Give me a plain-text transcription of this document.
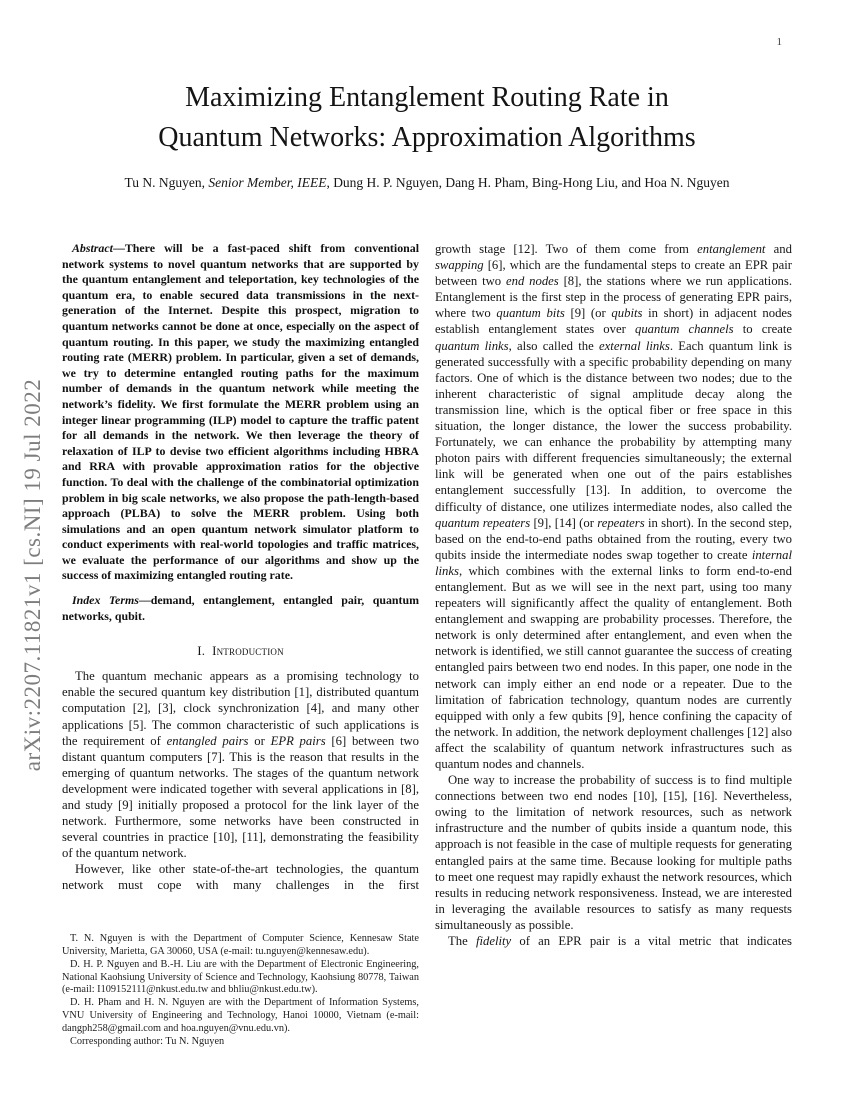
1
arXiv:2207.11821v1 [cs.NI] 19 Jul 2022
Maximizing Entanglement Routing Rate in
Quantum Networks: Approximation Algorithms
Tu N. Nguyen, Senior Member, IEEE, Dung H. P. Nguyen, Dang H. Pham, Bing-Hong Liu, and Hoa N. Nguyen

Abstract—There will be a fast-paced shift from conventional network systems to novel quantum networks that are supported by the quantum entanglement and teleportation, key technologies of the quantum era, to enable secured data transmissions in the next-generation of the Internet. Despite this prospect, migration to quantum networks cannot be done at once, especially on the aspect of quantum routing. In this paper, we study the maximizing entangled routing rate (MERR) problem. In particular, given a set of demands, we try to determine entangled routing paths for the maximum number of demands in the quantum network while meeting the network’s fidelity. We first formulate the MERR problem using an integer linear programming (ILP) model to capture the traffic patent for all demands in the network. We then leverage the theory of relaxation of ILP to devise two efficient algorithms including HBRA and RRA with provable approximation ratios for the objective function. To deal with the challenge of the combinatorial optimization problem in big scale networks, we also propose the path-length-based approach (PLBA) to solve the MERR problem. Using both simulations and an open quantum network simulator platform to conduct experiments with real-world topologies and traffic matrices, we evaluate the performance of our algorithms and show up the success of maximizing entangled routing rate.

Index Terms—demand, entanglement, entangled pair, quantum networks, qubit.

I. Introduction

The quantum mechanic appears as a promising technology to enable the secured quantum key distribution [1], distributed quantum computation [2], [3], clock synchronization [4], and many other applications [5]. The common characteristic of such applications is the requirement of entangled pairs or EPR pairs [6] between two distant quantum computers [7]. This is the reason that results in the emerging of quantum networks. The stages of the quantum network development were indicated together with several applications in [8], and study [9] initially proposed a protocol for the link layer of the network. Furthermore, some networks have been constructed in several countries in practice [10], [11], demonstrating the feasibility of the quantum network.

However, like other state-of-the-art technologies, the quantum network must cope with many challenges in the first

T. N. Nguyen is with the Department of Computer Science, Kennesaw State University, Marietta, GA 30060, USA (e-mail: tu.nguyen@kennesaw.edu).

D. H. P. Nguyen and B.-H. Liu are with the Department of Electronic Engineering, National Kaohsiung University of Science and Technology, Kaohsiung 80778, Taiwan (e-mail: I109152111@nkust.edu.tw and bhliu@nkust.edu.tw).

D. H. Pham and H. N. Nguyen are with the Department of Information Systems, VNU University of Engineering and Technology, Hanoi 10000, Vietnam (e-mail: dangph258@gmail.com and hoa.nguyen@vnu.edu.vn).

Corresponding author: Tu N. Nguyen

growth stage [12]. Two of them come from entanglement and swapping [6], which are the fundamental steps to create an EPR pair between two end nodes [8], the stations where we run applications. Entanglement is the first step in the process of generating EPR pairs, where two quantum bits [9] (or qubits in short) in adjacent nodes establish entanglement states over quantum channels to create quantum links, also called the external links. Each quantum link is generated successfully with a specific probability depending on many factors. One of which is the distance between two nodes; due to the inherent characteristic of signal amplitude decay along the transmission line, which is the optical fiber or free space in this situation, the longer distance, the lower the success probability. Fortunately, we can enhance the probability by attempting many photon pairs with different frequencies simultaneously; the external link will be generated when one out of the pairs establishes entanglement successfully [13]. In addition, to overcome the difficulty of distance, one utilizes intermediate nodes, also called the quantum repeaters [9], [14] (or repeaters in short). In the second step, based on the end-to-end paths obtained from the routing, every two qubits inside the intermediate nodes swap together to create internal links, which combines with the external links to form end-to-end entanglement. But as we will see in the next part, using too many repeaters will significantly affect the quality of entanglement. Both entanglement and swapping are probability processes. Therefore, the network is only determined after entanglement, and even when the network is identified, we still cannot guarantee the success of creating entangled pairs between two end nodes. In this paper, one node in the network can imply either an end node or a repeater. Due to the limitation of fabrication technology, quantum nodes are currently equipped with only a few qubits [9], hence confining the capacity of the network. In addition, the network deployment challenges [12] also affect the scalability of quantum network infrastructures such as quantum nodes and channels.

One way to increase the probability of success is to find multiple connections between two end nodes [10], [15], [16]. Nevertheless, owing to the limitation of network resources, such as network infrastructure and the number of qubits inside a quantum node, this approach is not feasible in the case of multiple requests for generating entangled pairs at the same time. Because looking for multiple paths to meet one request may rapidly exhaust the network resources, which results in reducing network responsiveness. Instead, we are interested in leveraging the available resources to satisfy as many requests simultaneously as possible.

The fidelity of an EPR pair is a vital metric that indicates
